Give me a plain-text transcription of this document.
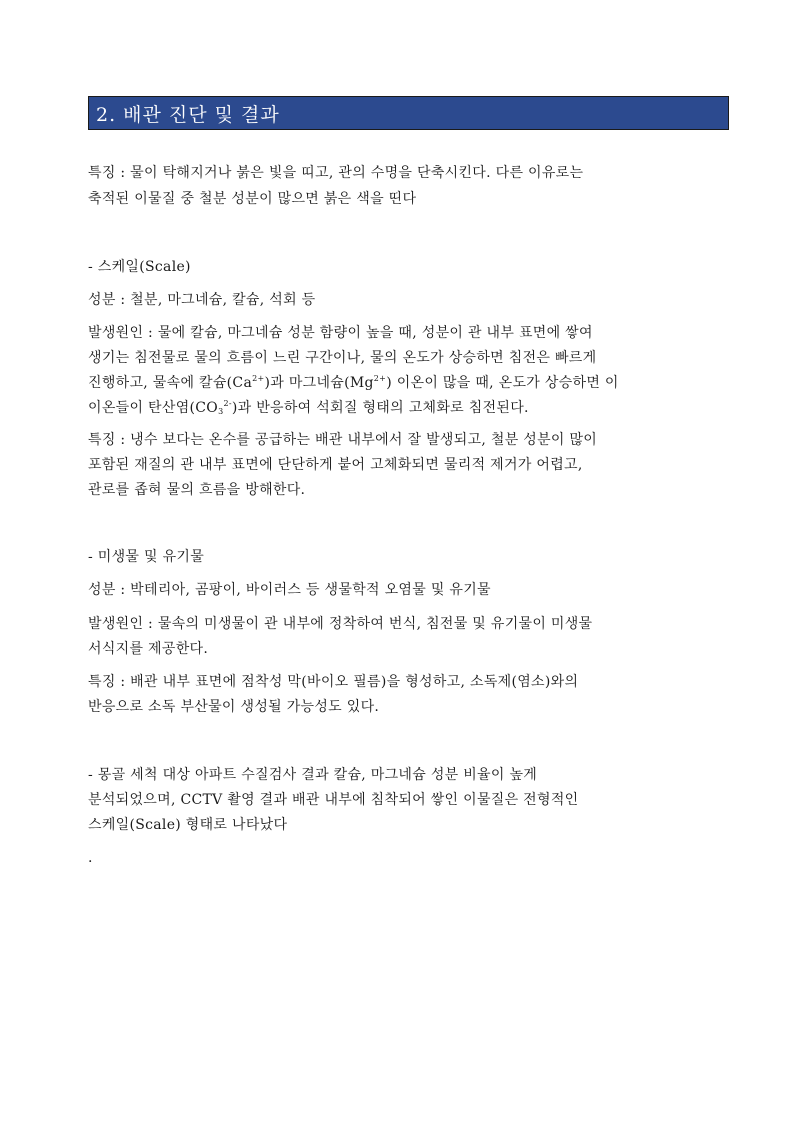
2. 배관 진단 및 결과
특징 : 물이 탁해지거나 붉은 빛을 띠고, 관의 수명을 단축시킨다. 다른 이유로는
축적된 이물질 중 철분 성분이 많으면 붉은 색을 띤다
- 스케일(Scale)
성분 : 철분, 마그네슘, 칼슘, 석회 등
발생원인 : 물에 칼슘, 마그네슘 성분 함량이 높을 때, 성분이 관 내부 표면에 쌓여
생기는 침전물로 물의 흐름이 느린 구간이나, 물의 온도가 상승하면 침전은 빠르게
진행하고, 물속에 칼슘$(Ca^{2+})$과 마그네슘$(Mg^{2+})$ 이온이 많을 때, 온도가 상승하면 이
이온들이 탄산염$(CO_3^{2-})$과 반응하여 석회질 형태의 고체화로 침전된다.
특징 : 냉수 보다는 온수를 공급하는 배관 내부에서 잘 발생되고, 철분 성분이 많이
포함된 재질의 관 내부 표면에 단단하게 붙어 고체화되면 물리적 제거가 어렵고,
관로를 좁혀 물의 흐름을 방해한다.
- 미생물 및 유기물
성분 : 박테리아, 곰팡이, 바이러스 등 생물학적 오염물 및 유기물
발생원인 : 물속의 미생물이 관 내부에 정착하여 번식, 침전물 및 유기물이 미생물
서식지를 제공한다.
특징 : 배관 내부 표면에 점착성 막(바이오 필름)을 형성하고, 소독제(염소)와의
반응으로 소독 부산물이 생성될 가능성도 있다.
- 몽골 세척 대상 아파트 수질검사 결과 칼슘, 마그네슘 성분 비율이 높게
분석되었으며, CCTV 촬영 결과 배관 내부에 침착되어 쌓인 이물질은 전형적인
스케일(Scale) 형태로 나타났다
.
